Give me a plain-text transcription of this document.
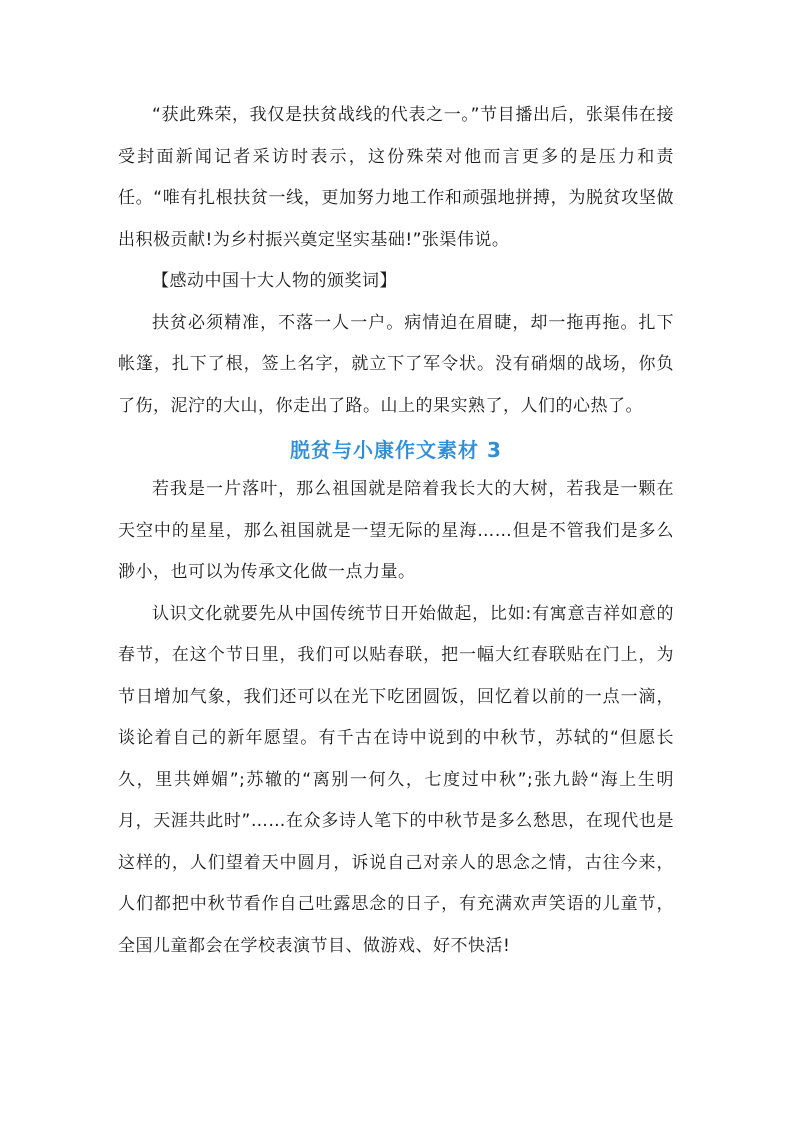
“获此殊荣，我仅是扶贫战线的代表之一。”节目播出后，张渠伟在接受封面新闻记者采访时表示，这份殊荣对他而言更多的是压力和责任。“唯有扎根扶贫一线，更加努力地工作和顽强地拼搏，为脱贫攻坚做出积极贡献!为乡村振兴奠定坚实基础!”张渠伟说。

【感动中国十大人物的颁奖词】

扶贫必须精准，不落一人一户。病情迫在眉睫，却一拖再拖。扎下帐篷，扎下了根，签上名字，就立下了军令状。没有硝烟的战场，你负了伤，泥泞的大山，你走出了路。山上的果实熟了，人们的心热了。

脱贫与小康作文素材 3

若我是一片落叶，那么祖国就是陪着我长大的大树，若我是一颗在天空中的星星，那么祖国就是一望无际的星海……但是不管我们是多么渺小，也可以为传承文化做一点力量。

认识文化就要先从中国传统节日开始做起，比如:有寓意吉祥如意的春节，在这个节日里，我们可以贴春联，把一幅大红春联贴在门上，为节日增加气象，我们还可以在光下吃团圆饭，回忆着以前的一点一滴，谈论着自己的新年愿望。有千古在诗中说到的中秋节，苏轼的“但愿长久，里共婵媚”;苏辙的“离别一何久，七度过中秋”;张九龄“海上生明月，天涯共此时”……在众多诗人笔下的中秋节是多么愁思，在现代也是这样的，人们望着天中圆月，诉说自己对亲人的思念之情，古往今来，人们都把中秋节看作自己吐露思念的日子，有充满欢声笑语的儿童节，全国儿童都会在学校表演节目、做游戏、好不快活!
